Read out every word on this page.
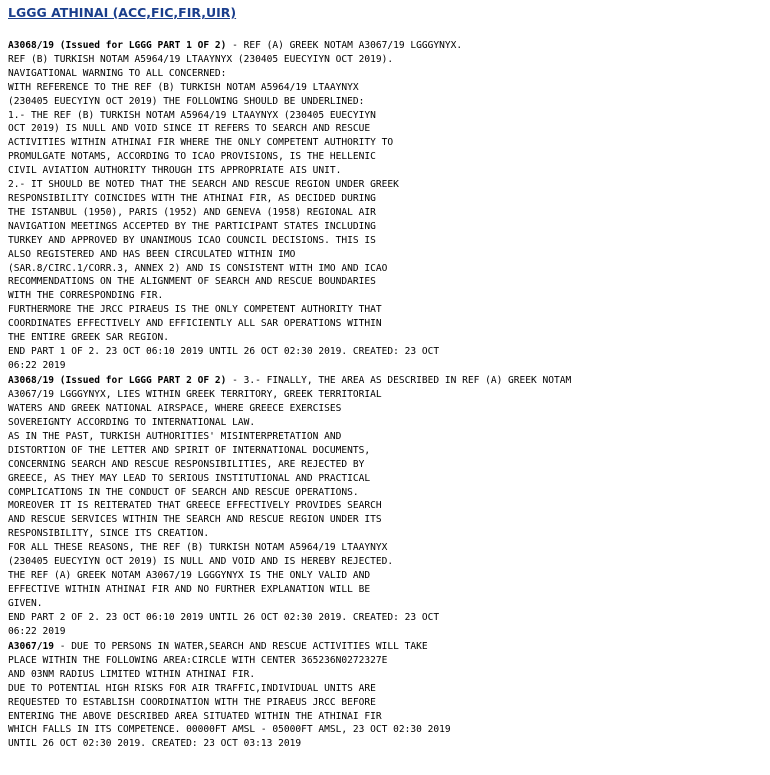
LGGG ATHINAI (ACC,FIC,FIR,UIR)
A3068/19 (Issued for LGGG PART 1 OF 2) - REF (A) GREEK NOTAM A3067/19 LGGGYNYX.
REF (B) TURKISH NOTAM A5964/19 LTAAYNYX (230405 EUECYIYN OCT 2019).
NAVIGATIONAL WARNING TO ALL CONCERNED:
WITH REFERENCE TO THE REF (B) TURKISH NOTAM A5964/19 LTAAYNYX
(230405 EUECYIYN OCT 2019) THE FOLLOWING SHOULD BE UNDERLINED:
1.- THE REF (B) TURKISH NOTAM A5964/19 LTAAYNYX (230405 EUECYIYN
OCT 2019) IS NULL AND VOID SINCE IT REFERS TO SEARCH AND RESCUE
ACTIVITIES WITHIN ATHINAI FIR WHERE THE ONLY COMPETENT AUTHORITY TO
PROMULGATE NOTAMS, ACCORDING TO ICAO PROVISIONS, IS THE HELLENIC
CIVIL AVIATION AUTHORITY THROUGH ITS APPROPRIATE AIS UNIT.
2.- IT SHOULD BE NOTED THAT THE SEARCH AND RESCUE REGION UNDER GREEK
RESPONSIBILITY COINCIDES WITH THE ATHINAI FIR, AS DECIDED DURING
THE ISTANBUL (1950), PARIS (1952) AND GENEVA (1958) REGIONAL AIR
NAVIGATION MEETINGS ACCEPTED BY THE PARTICIPANT STATES INCLUDING
TURKEY AND APPROVED BY UNANIMOUS ICAO COUNCIL DECISIONS. THIS IS
ALSO REGISTERED AND HAS BEEN CIRCULATED WITHIN IMO
(SAR.8/CIRC.1/CORR.3, ANNEX 2) AND IS CONSISTENT WITH IMO AND ICAO
RECOMMENDATIONS ON THE ALIGNMENT OF SEARCH AND RESCUE BOUNDARIES
WITH THE CORRESPONDING FIR.
FURTHERMORE THE JRCC PIRAEUS IS THE ONLY COMPETENT AUTHORITY THAT
COORDINATES EFFECTIVELY AND EFFICIENTLY ALL SAR OPERATIONS WITHIN
THE ENTIRE GREEK SAR REGION.
END PART 1 OF 2. 23 OCT 06:10 2019 UNTIL 26 OCT 02:30 2019. CREATED: 23 OCT
06:22 2019
A3068/19 (Issued for LGGG PART 2 OF 2) - 3.- FINALLY, THE AREA AS DESCRIBED IN REF (A) GREEK NOTAM
A3067/19 LGGGYNYX, LIES WITHIN GREEK TERRITORY, GREEK TERRITORIAL
WATERS AND GREEK NATIONAL AIRSPACE, WHERE GREECE EXERCISES
SOVEREIGNTY ACCORDING TO INTERNATIONAL LAW.
AS IN THE PAST, TURKISH AUTHORITIES' MISINTERPRETATION AND
DISTORTION OF THE LETTER AND SPIRIT OF INTERNATIONAL DOCUMENTS,
CONCERNING SEARCH AND RESCUE RESPONSIBILITIES, ARE REJECTED BY
GREECE, AS THEY MAY LEAD TO SERIOUS INSTITUTIONAL AND PRACTICAL
COMPLICATIONS IN THE CONDUCT OF SEARCH AND RESCUE OPERATIONS.
MOREOVER IT IS REITERATED THAT GREECE EFFECTIVELY PROVIDES SEARCH
AND RESCUE SERVICES WITHIN THE SEARCH AND RESCUE REGION UNDER ITS
RESPONSIBILITY, SINCE ITS CREATION.
FOR ALL THESE REASONS, THE REF (B) TURKISH NOTAM A5964/19 LTAAYNYX
(230405 EUECYIYN OCT 2019) IS NULL AND VOID AND IS HEREBY REJECTED.
THE REF (A) GREEK NOTAM A3067/19 LGGGYNYX IS THE ONLY VALID AND
EFFECTIVE WITHIN ATHINAI FIR AND NO FURTHER EXPLANATION WILL BE
GIVEN.
END PART 2 OF 2. 23 OCT 06:10 2019 UNTIL 26 OCT 02:30 2019. CREATED: 23 OCT
06:22 2019
A3067/19 - DUE TO PERSONS IN WATER,SEARCH AND RESCUE ACTIVITIES WILL TAKE
PLACE WITHIN THE FOLLOWING AREA:CIRCLE WITH CENTER 365236N0272327E
AND 03NM RADIUS LIMITED WITHIN ATHINAI FIR.
DUE TO POTENTIAL HIGH RISKS FOR AIR TRAFFIC,INDIVIDUAL UNITS ARE
REQUESTED TO ESTABLISH COORDINATION WITH THE PIRAEUS JRCC BEFORE
ENTERING THE ABOVE DESCRIBED AREA SITUATED WITHIN THE ATHINAI FIR
WHICH FALLS IN ITS COMPETENCE. 00000FT AMSL - 05000FT AMSL, 23 OCT 02:30 2019
UNTIL 26 OCT 02:30 2019. CREATED: 23 OCT 03:13 2019
